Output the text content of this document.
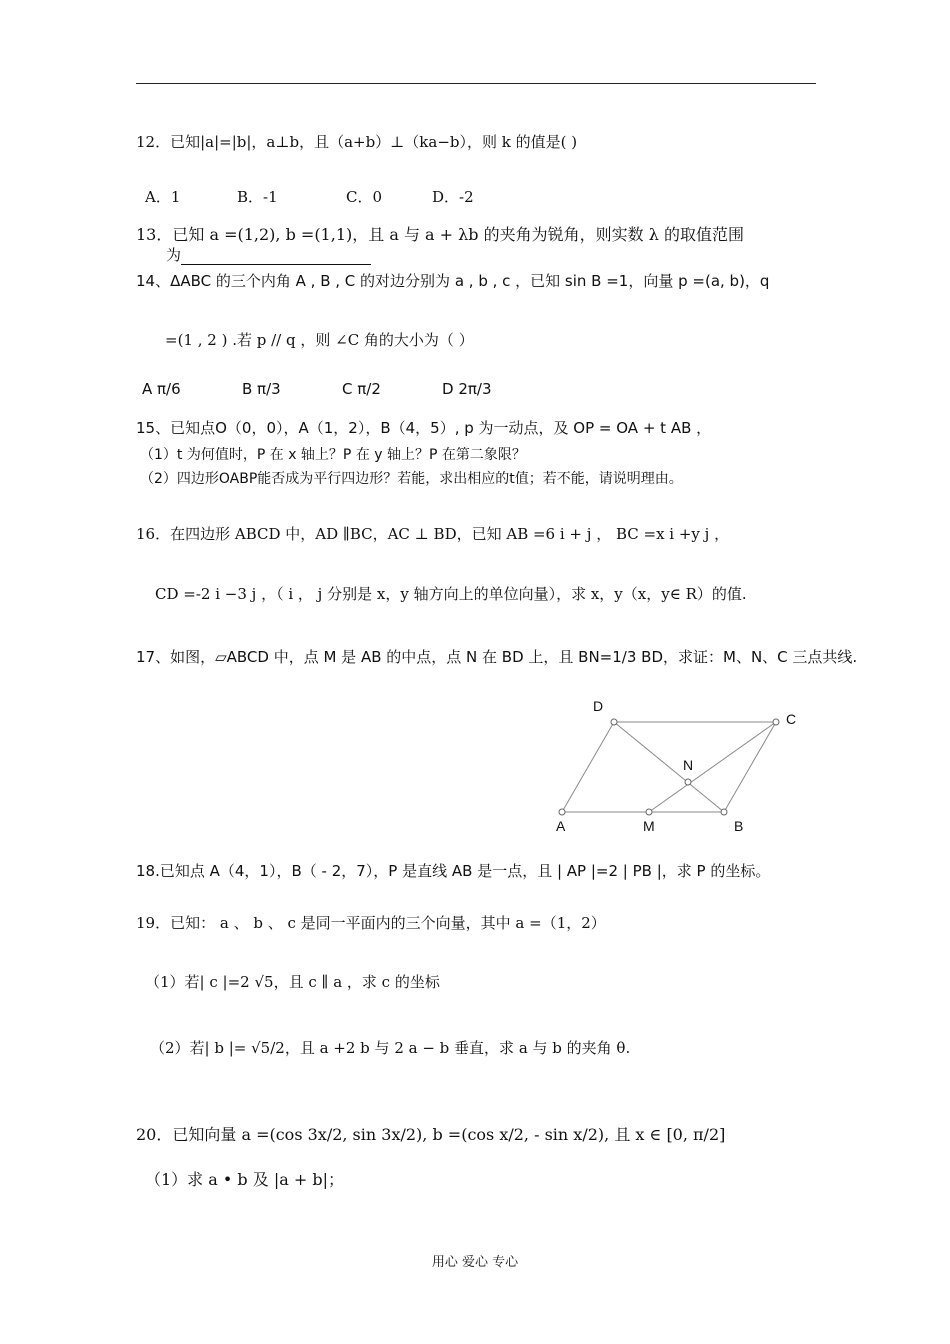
12．已知|a|=|b|，a⊥b，且（a+b）⊥（ka−b），则 k 的值是( )
A．1	B．-1	C．0	D．-2
13．已知 a =(1,2), b =(1,1)，且 a 与 a + λb 的夹角为锐角，则实数 λ 的取值范围
为
14、ΔABC 的三个内角 A , B , C 的对边分别为 a , b , c ，已知 sin B =1，向量 p =(a, b)，q
=(1 , 2 ) .若 p // q ，则 ∠C 角的大小为（ ）
A π/6	B π/3	C π/2	D 2π/3
15、已知点O（0，0），A（1，2），B（4，5）, p 为一动点，及 OP = OA + t AB ，
（1）t 为何值时，P 在 x 轴上？P 在 y 轴上？P 在第二象限？
（2）四边形OABP能否成为平行四边形？若能，求出相应的t值；若不能，请说明理由。
16．在四边形 ABCD 中，AD ∥BC，AC ⊥ BD，已知 AB =6 i + j ， BC =x i +y j ，
CD =-2 i −3 j ，（ i ， j 分别是 x，y 轴方向上的单位向量），求 x，y（x，y∈ R）的值.
17、如图，▱ABCD 中，点 M 是 AB 的中点，点 N 在 BD 上，且 BN=1/3 BD，求证：M、N、C 三点共线.
D
C
N
A	M	B
18.已知点 A（4，1），B（ - 2，7），P 是直线 AB 是一点，且 | AP |=2 | PB |，求 P 的坐标。
19．已知： a 、 b 、 c 是同一平面内的三个向量，其中 a =（1，2）
（1）若| c |=2 √5，且 c ∥ a ，求 c 的坐标
（2）若| b |= √5/2，且 a +2 b 与 2 a − b 垂直，求 a 与 b 的夹角 θ.
20．已知向量 a =(cos 3x/2, sin 3x/2), b =(cos x/2, - sin x/2), 且 x ∈ [0, π/2]
（1）求 a • b 及 |a + b|；
用心 爱心 专心
